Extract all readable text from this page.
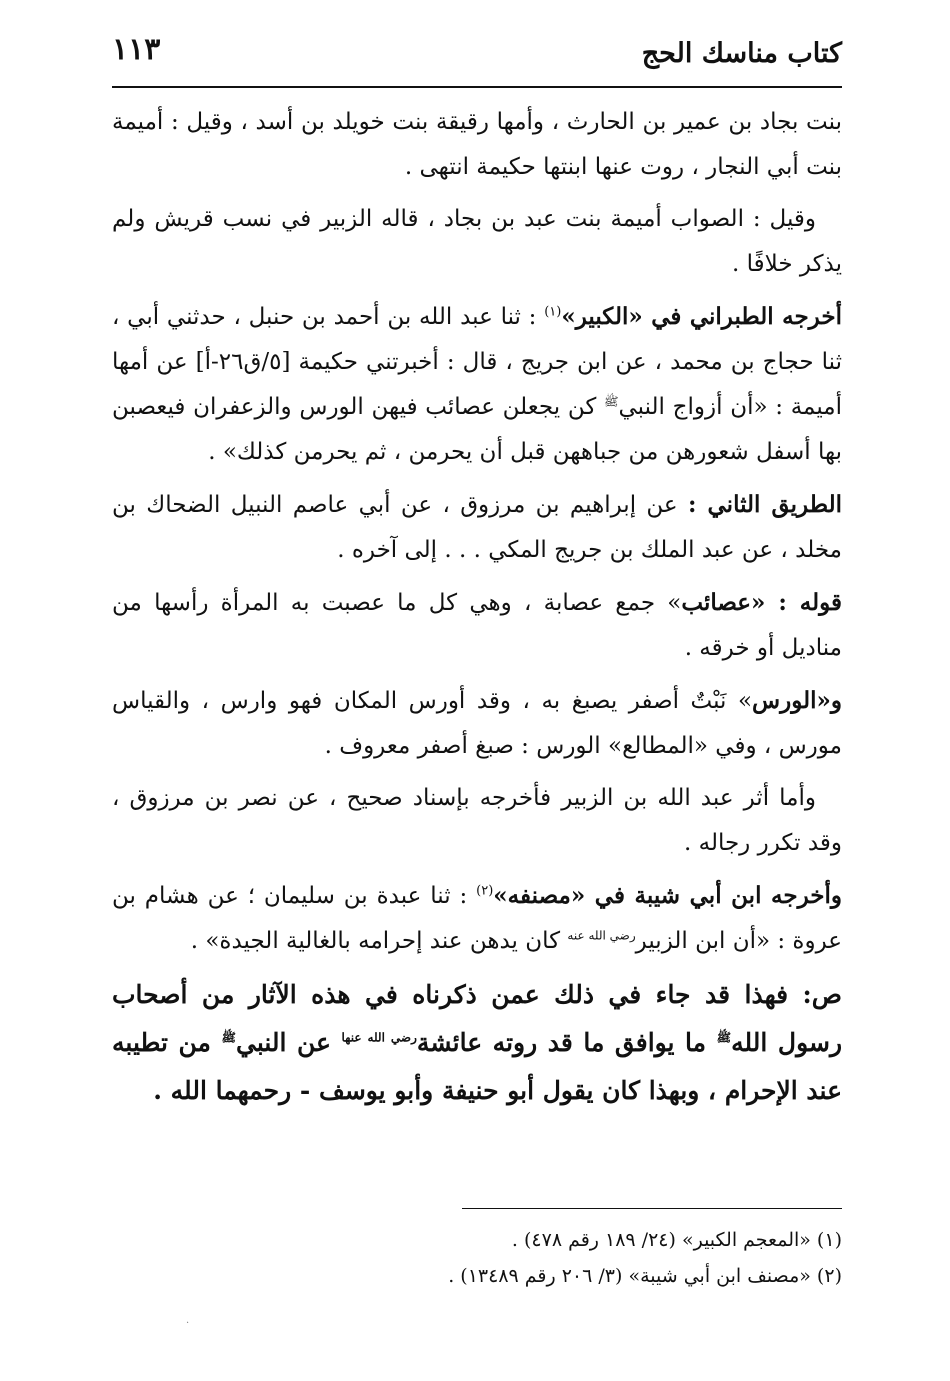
١١٣	كتاب مناسك الحج

بنت بجاد بن عمير بن الحارث ، وأمها رقيقة بنت خويلد بن أسد ، وقيل : أميمة بنت أبي النجار ، روت عنها ابنتها حكيمة انتهى .

وقيل : الصواب أميمة بنت عبد بن بجاد ، قاله الزبير في نسب قريش ولم يذكر خلافًا .

أخرجه الطبراني في «الكبير»$^{(١)}$ : ثنا عبد الله بن أحمد بن حنبل ، حدثني أبي ، ثنا حجاج بن محمد ، عن ابن جريج ، قال : أخبرتني حكيمة [٥/ق٢٦-أ] عن أمها أميمة : «أن أزواج النبي$^ﷺ$ كن يجعلن عصائب فيهن الورس والزعفران فيعصبن بها أسفل شعورهن من جباههن قبل أن يحرمن ، ثم يحرمن كذلك» .

الطريق الثاني : عن إبراهيم بن مرزوق ، عن أبي عاصم النبيل الضحاك بن مخلد ، عن عبد الملك بن جريج المكي . . . إلى آخره .

قوله : «عصائب» جمع عصابة ، وهي كل ما عصبت به المرأة رأسها من مناديل أو خرقه .

و«الورس» نَبْتٌ أصفر يصبغ به ، وقد أورس المكان فهو وارس ، والقياس مورس ، وفي «المطالع» الورس : صبغ أصفر معروف .

وأما أثر عبد الله بن الزبير فأخرجه بإسناد صحيح ، عن نصر بن مرزوق ، وقد تكرر رجاله .

وأخرجه ابن أبي شيبة في «مصنفه»$^{(٢)}$ : ثنا عبدة بن سليمان ؛ عن هشام بن عروة : «أن ابن الزبير$^{رضي الله عنه}$ كان يدهن عند إحرامه بالغالية الجيدة» .

ص: فهذا قد جاء في ذلك عمن ذكرناه في هذه الآثار من أصحاب رسول الله$^ﷺ$ ما يوافق ما قد روته عائشة$^{رضي الله عنها}$ عن النبي$^ﷺ$ من تطيبه عند الإحرام ، وبهذا كان يقول أبو حنيفة وأبو يوسف - رحمهما الله .

(١) «المعجم الكبير» (٢٤/ ١٨٩ رقم ٤٧٨) .

(٢) «مصنف ابن أبي شيبة» (٣/ ٢٠٦ رقم ١٣٤٨٩) .

·
